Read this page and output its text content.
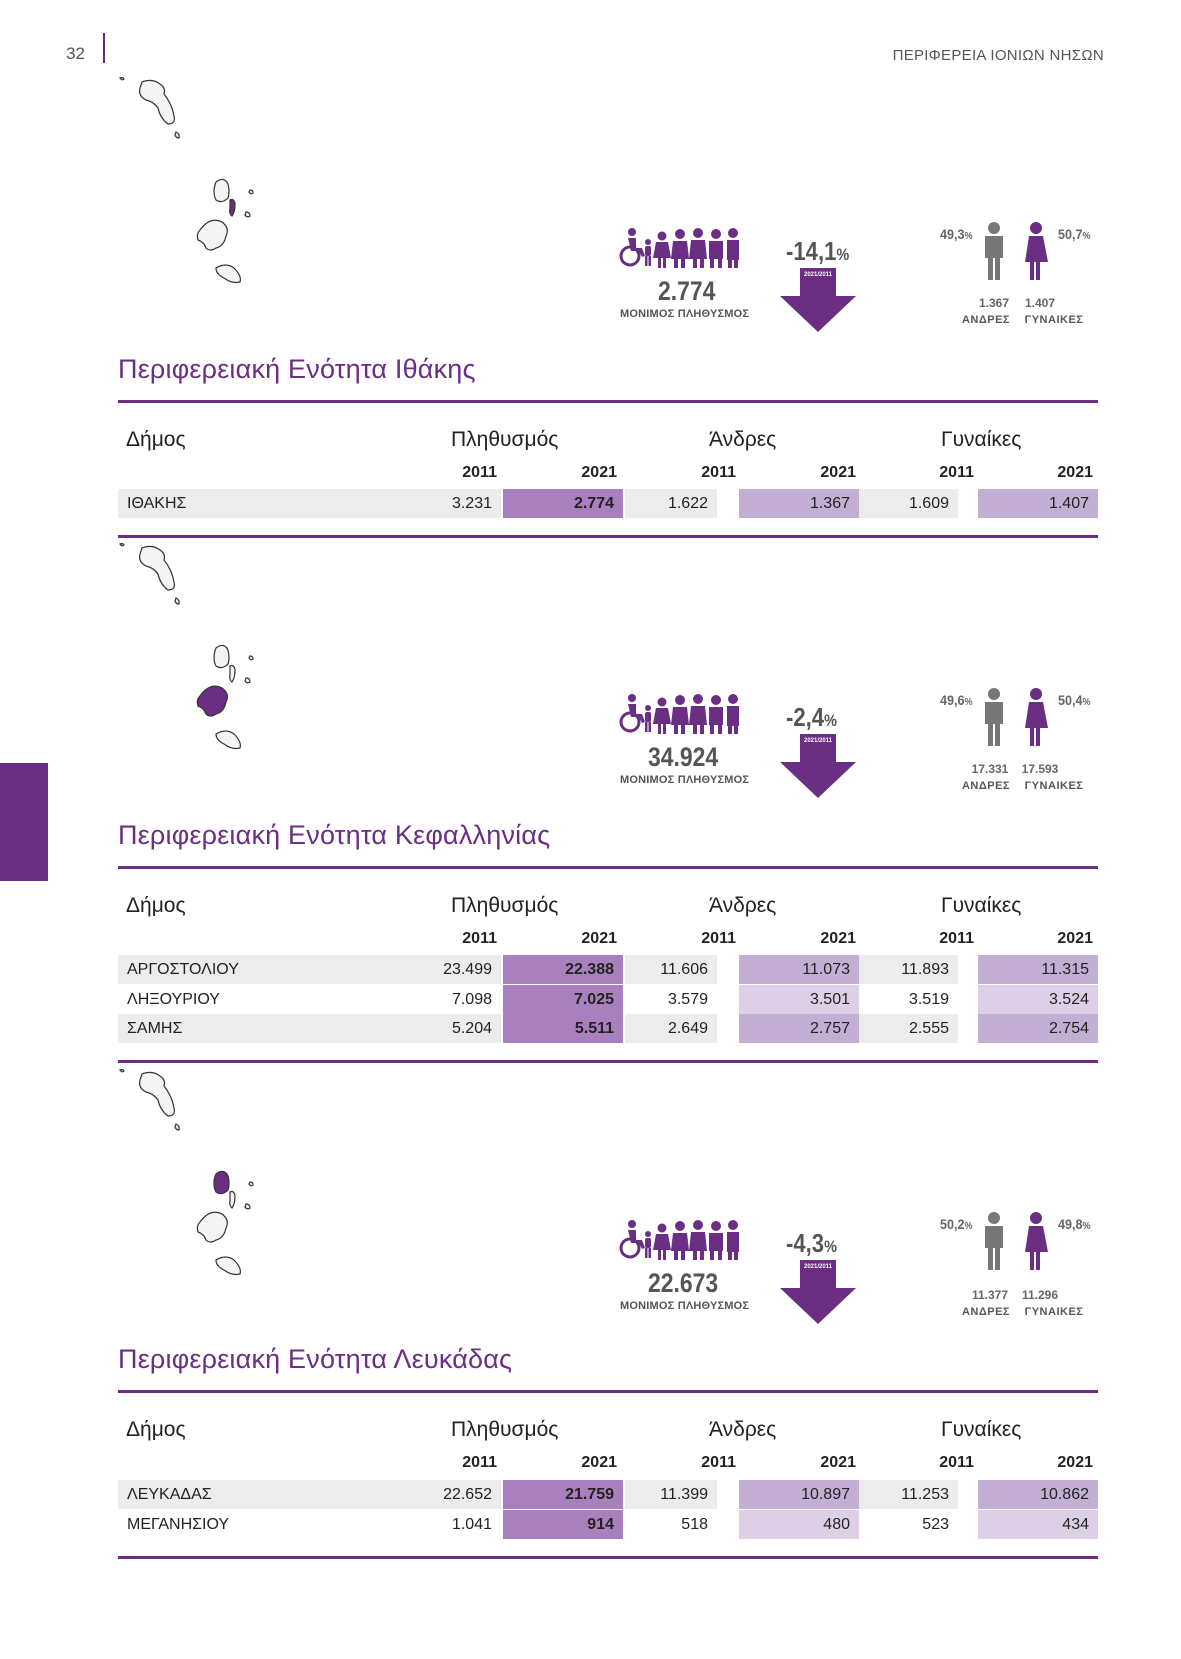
32	ΠΕΡΙΦΕΡΕΙΑ ΙΟΝΙΩΝ ΝΗΣΩΝ
2.774
ΜΟΝΙΜΟΣ ΠΛΗΘΥΣΜΟΣ
-14,1%
2021/2011
49,3%	50,7%
1.367	1.407
ΑΝΔΡΕΣ	ΓΥΝΑΙΚΕΣ
Περιφερειακή Ενότητα Ιθάκης
Δήμος	Πληθυσμός	Άνδρες	Γυναίκες
2011	2021	2011	2021	2011	2021
ΙΘΑΚΗΣ	3.231	2.774	1.622	1.367	1.609	1.407
34.924
ΜΟΝΙΜΟΣ ΠΛΗΘΥΣΜΟΣ
-2,4%
2021/2011
49,6%	50,4%
17.331	17.593
ΑΝΔΡΕΣ	ΓΥΝΑΙΚΕΣ
Περιφερειακή Ενότητα Κεφαλληνίας
Δήμος	Πληθυσμός	Άνδρες	Γυναίκες
2011	2021	2011	2021	2011	2021
ΑΡΓΟΣΤΟΛΙΟΥ	23.499	22.388	11.606	11.073	11.893	11.315
ΛΗΞΟΥΡΙΟΥ	7.098	7.025	3.579	3.501	3.519	3.524
ΣΑΜΗΣ	5.204	5.511	2.649	2.757	2.555	2.754
22.673
ΜΟΝΙΜΟΣ ΠΛΗΘΥΣΜΟΣ
-4,3%
2021/2011
50,2%	49,8%
11.377	11.296
ΑΝΔΡΕΣ	ΓΥΝΑΙΚΕΣ
Περιφερειακή Ενότητα Λευκάδας
Δήμος	Πληθυσμός	Άνδρες	Γυναίκες
2011	2021	2011	2021	2011	2021
ΛΕΥΚΑΔΑΣ	22.652	21.759	11.399	10.897	11.253	10.862
ΜΕΓΑΝΗΣΙΟΥ	1.041	914	518	480	523	434
